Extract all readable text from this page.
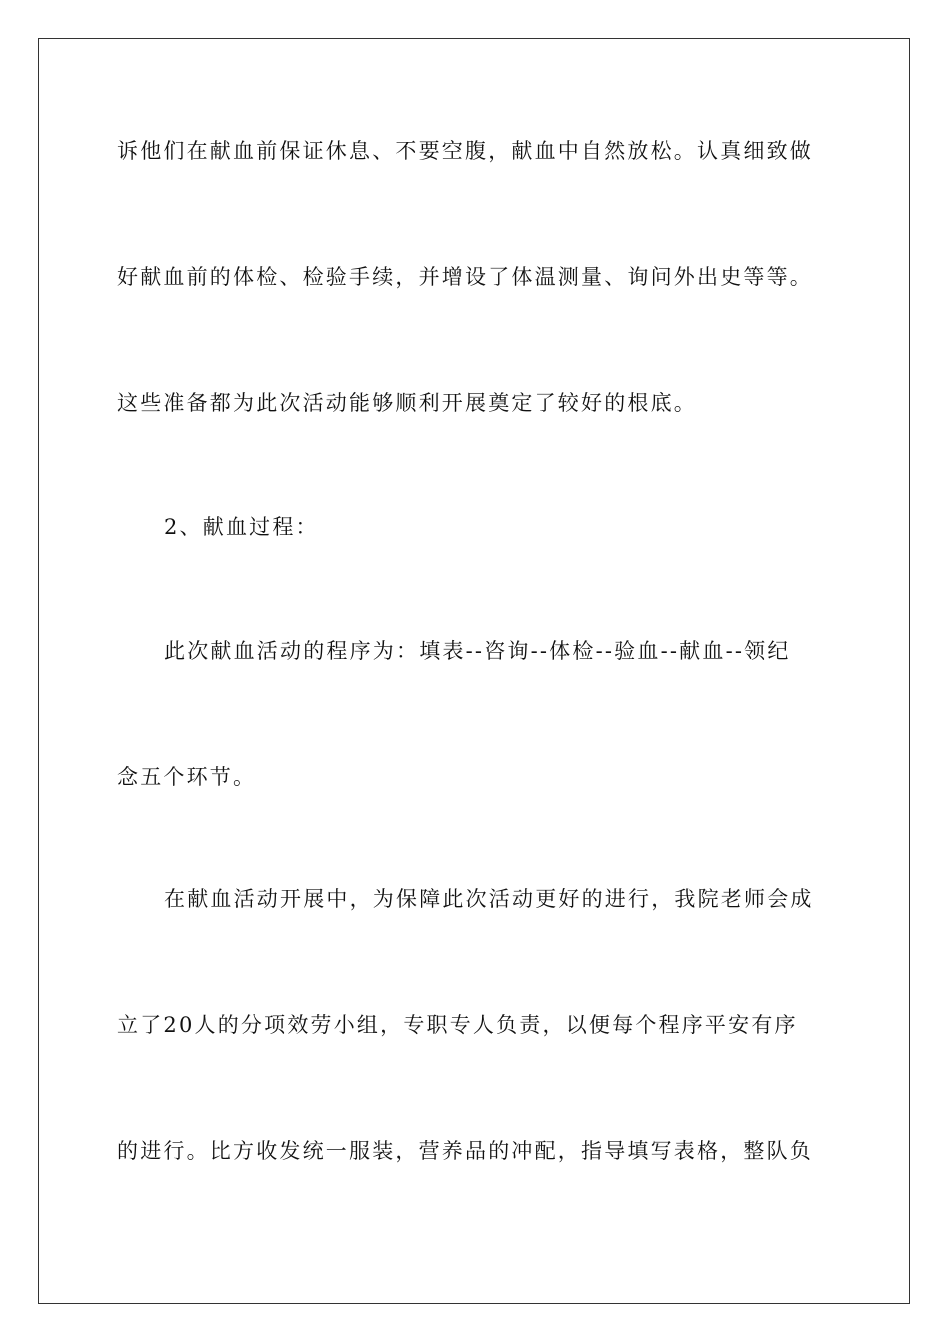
诉他们在献血前保证休息、不要空腹，献血中自然放松。认真细致做

好献血前的体检、检验手续，并增设了体温测量、询问外出史等等。

这些准备都为此次活动能够顺利开展奠定了较好的根底。

2、献血过程：

此次献血活动的程序为：填表--咨询--体检--验血--献血--领纪

念五个环节。

在献血活动开展中，为保障此次活动更好的进行，我院老师会成

立了20人的分项效劳小组，专职专人负责，以便每个程序平安有序

的进行。比方收发统一服装，营养品的冲配，指导填写表格，整队负
